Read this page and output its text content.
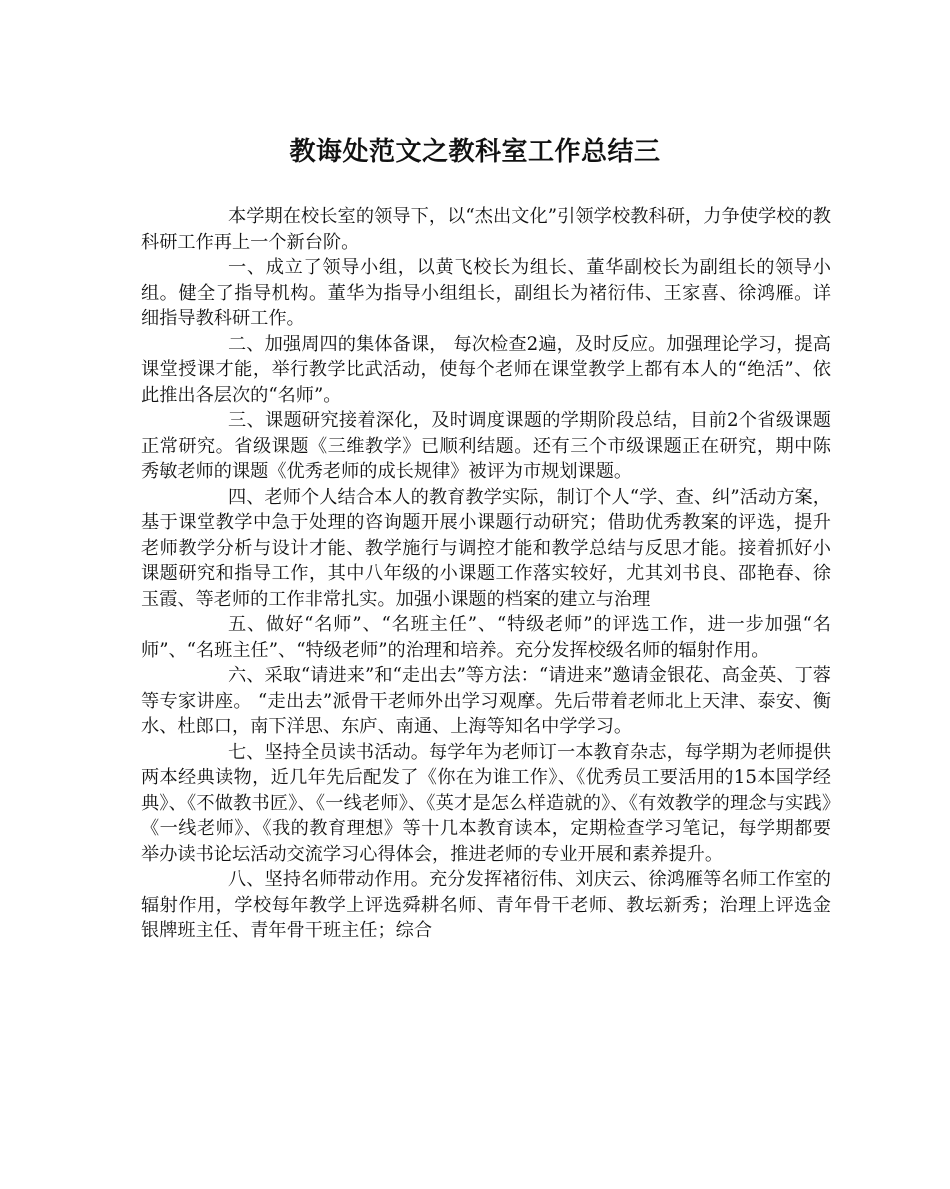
教诲处范文之教科室工作总结三

本学期在校长室的领导下，以“杰出文化”引领学校教科研，力争使学校的教科研工作再上一个新台阶。

一、成立了领导小组，以黄飞校长为组长、董华副校长为副组长的领导小组。健全了指导机构。董华为指导小组组长，副组长为褚衍伟、王家喜、徐鸿雁。详细指导教科研工作。

二、加强周四的集体备课， 每次检查2遍，及时反应。加强理论学习，提高课堂授课才能，举行教学比武活动，使每个老师在课堂教学上都有本人的“绝活”、依此推出各层次的“名师”。

三、课题研究接着深化，及时调度课题的学期阶段总结，目前2个省级课题正常研究。省级课题《三维教学》已顺利结题。还有三个市级课题正在研究，期中陈秀敏老师的课题《优秀老师的成长规律》被评为市规划课题。

四、老师个人结合本人的教育教学实际，制订个人“学、查、纠”活动方案，基于课堂教学中急于处理的咨询题开展小课题行动研究；借助优秀教案的评选，提升老师教学分析与设计才能、教学施行与调控才能和教学总结与反思才能。接着抓好小课题研究和指导工作，其中八年级的小课题工作落实较好，尤其刘书良、邵艳春、徐玉霞、等老师的工作非常扎实。加强小课题的档案的建立与治理

五、做好“名师”、“名班主任”、“特级老师”的评选工作，进一步加强“名师”、“名班主任”、“特级老师”的治理和培养。充分发挥校级名师的辐射作用。

六、采取“请进来”和“走出去”等方法：“请进来”邀请金银花、高金英、丁蓉等专家讲座。 “走出去”派骨干老师外出学习观摩。先后带着老师北上天津、泰安、衡水、杜郎口，南下洋思、东庐、南通、上海等知名中学学习。

七、坚持全员读书活动。每学年为老师订一本教育杂志，每学期为老师提供两本经典读物，近几年先后配发了《你在为谁工作》、《优秀员工要活用的15本国学经典》、《不做教书匠》、《一线老师》、《英才是怎么样造就的》、《有效教学的理念与实践》《一线老师》、《我的教育理想》等十几本教育读本，定期检查学习笔记，每学期都要举办读书论坛活动交流学习心得体会，推进老师的专业开展和素养提升。

八、坚持名师带动作用。充分发挥褚衍伟、刘庆云、徐鸿雁等名师工作室的辐射作用，学校每年教学上评选舜耕名师、青年骨干老师、教坛新秀；治理上评选金银牌班主任、青年骨干班主任；综合
